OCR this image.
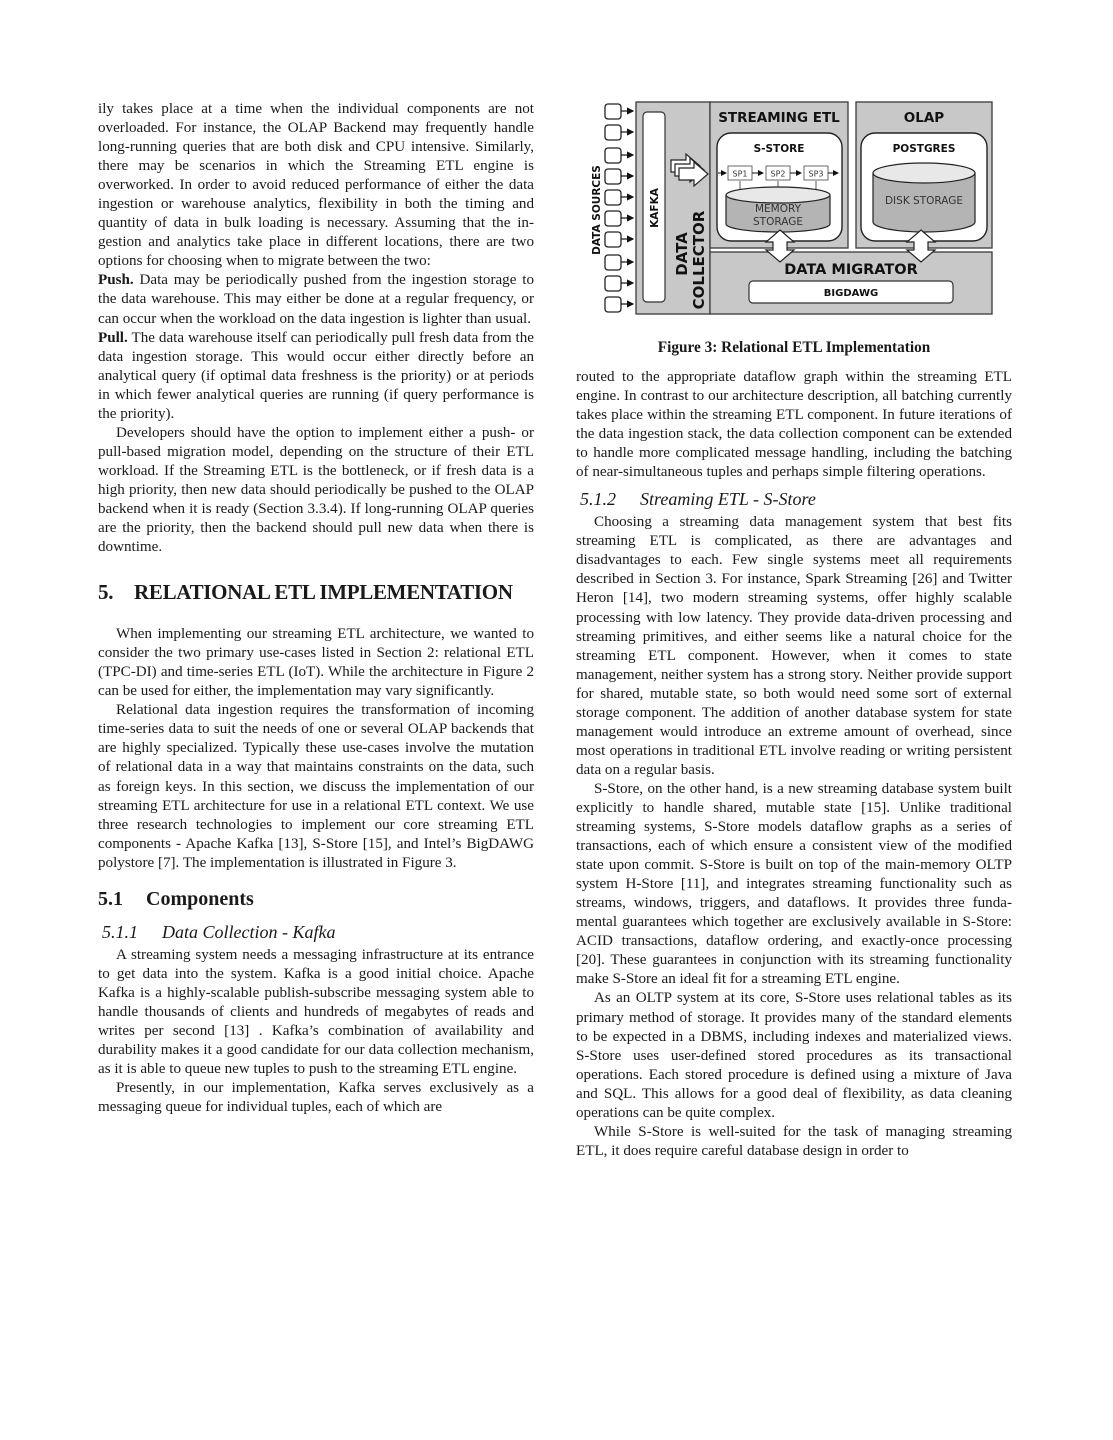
ily takes place at a time when the individual components are not overloaded. For instance, the OLAP Backend may frequently handle long-running queries that are both disk and CPU intensive. Similarly, there may be scenarios in which the Streaming ETL engine is overworked. In order to avoid reduced performance of either the data ingestion or warehouse analytics, flexibility in both the timing and quantity of data in bulk loading is necessary. Assuming that the ingestion and analytics take place in different locations, there are two options for choosing when to migrate between the two:

Push. Data may be periodically pushed from the ingestion storage to the data warehouse. This may either be done at a regular frequency, or can occur when the workload on the data ingestion is lighter than usual.

Pull. The data warehouse itself can periodically pull fresh data from the data ingestion storage. This would occur either directly before an analytical query (if optimal data freshness is the priority) or at periods in which fewer analytical queries are running (if query performance is the priority).

Developers should have the option to implement either a push- or pull-based migration model, depending on the structure of their ETL workload. If the Streaming ETL is the bottleneck, or if fresh data is a high priority, then new data should periodically be pushed to the OLAP backend when it is ready (Section 3.3.4). If long-running OLAP queries are the priority, then the backend should pull new data when there is downtime.

5. RELATIONAL ETL IMPLEMENTATION

When implementing our streaming ETL architecture, we wanted to consider the two primary use-cases listed in Section 2: relational ETL (TPC-DI) and time-series ETL (IoT). While the architecture in Figure 2 can be used for either, the implementation may vary significantly.

Relational data ingestion requires the transformation of incoming time-series data to suit the needs of one or several OLAP backends that are highly specialized. Typically these use-cases involve the mutation of relational data in a way that maintains constraints on the data, such as foreign keys. In this section, we discuss the implementation of our streaming ETL architecture for use in a relational ETL context. We use three research technologies to implement our core streaming ETL components - Apache Kafka [13], S-Store [15], and Intel’s BigDAWG polystore [7]. The implementation is illustrated in Figure 3.

5.1 Components
5.1.1 Data Collection - Kafka

A streaming system needs a messaging infrastructure at its entrance to get data into the system. Kafka is a good initial choice. Apache Kafka is a highly-scalable publish-subscribe messaging system able to handle thousands of clients and hundreds of megabytes of reads and writes per second [13] . Kafka’s combination of availability and durability makes it a good candidate for our data collection mechanism, as it is able to queue new tuples to push to the streaming ETL engine.

Presently, in our implementation, Kafka serves exclusively as a messaging queue for individual tuples, each of which are

DATA SOURCES	KAFKA
DATA COLLECTOR
STREAMING ETL
S-STORE
SP1	SP2	SP3
MEMORY
STORAGE
OLAP
POSTGRES
DISK STORAGE
DATA MIGRATOR
BIGDAWG

Figure 3: Relational ETL Implementation

routed to the appropriate dataflow graph within the streaming ETL engine. In contrast to our architecture description, all batching currently takes place within the streaming ETL component. In future iterations of the data ingestion stack, the data collection component can be extended to handle more complicated message handling, including the batching of near-simultaneous tuples and perhaps simple filtering operations.

5.1.2 Streaming ETL - S-Store

Choosing a streaming data management system that best fits streaming ETL is complicated, as there are advantages and disadvantages to each. Few single systems meet all requirements described in Section 3. For instance, Spark Streaming [26] and Twitter Heron [14], two modern streaming systems, offer highly scalable processing with low latency. They provide data-driven processing and streaming primitives, and either seems like a natural choice for the streaming ETL component. However, when it comes to state management, neither system has a strong story. Neither provide support for shared, mutable state, so both would need some sort of external storage component. The addition of another database system for state management would introduce an extreme amount of overhead, since most operations in traditional ETL involve reading or writing persistent data on a regular basis.

S-Store, on the other hand, is a new streaming database system built explicitly to handle shared, mutable state [15]. Unlike traditional streaming systems, S-Store models dataflow graphs as a series of transactions, each of which ensure a consistent view of the modified state upon commit. S-Store is built on top of the main-memory OLTP system H-Store [11], and integrates streaming functionality such as streams, windows, triggers, and dataflows. It provides three fundamental guarantees which together are exclusively available in S-Store: ACID transactions, dataflow ordering, and exactly-once processing [20]. These guarantees in conjunction with its streaming functionality make S-Store an ideal fit for a streaming ETL engine.

As an OLTP system at its core, S-Store uses relational tables as its primary method of storage. It provides many of the standard elements to be expected in a DBMS, including indexes and materialized views. S-Store uses user-defined stored procedures as its transactional operations. Each stored procedure is defined using a mixture of Java and SQL. This allows for a good deal of flexibility, as data cleaning operations can be quite complex.

While S-Store is well-suited for the task of managing streaming ETL, it does require careful database design in order to
